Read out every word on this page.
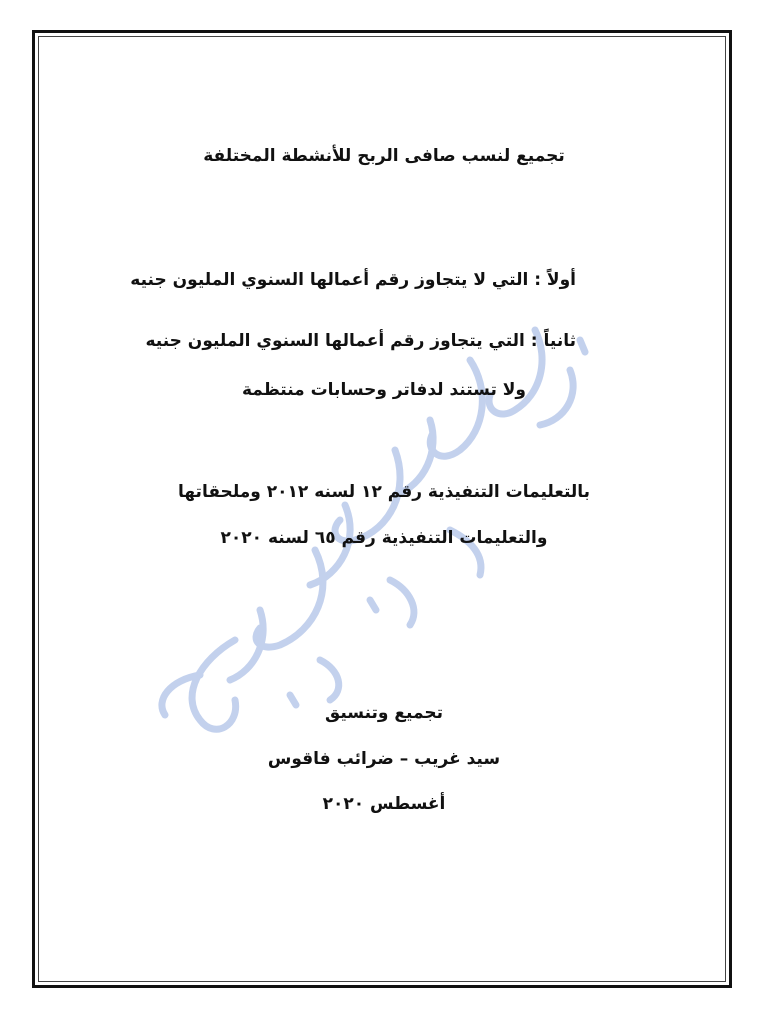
تجميع لنسب صافى الربح للأنشطة المختلفة
أولاً : التي لا يتجاوز رقم أعمالها السنوي المليون جنيه
ثانياً : التي يتجاوز رقم أعمالها السنوي المليون جنيه
ولا تستند لدفاتر وحسابات منتظمة
بالتعليمات التنفيذية رقم ١٢ لسنه ٢٠١٢ وملحقاتها
والتعليمات التنفيذية رقم ٦٥ لسنه ٢٠٢٠
تجميع وتنسيق
سيد غريب – ضرائب فاقوس
أغسطس ٢٠٢٠
